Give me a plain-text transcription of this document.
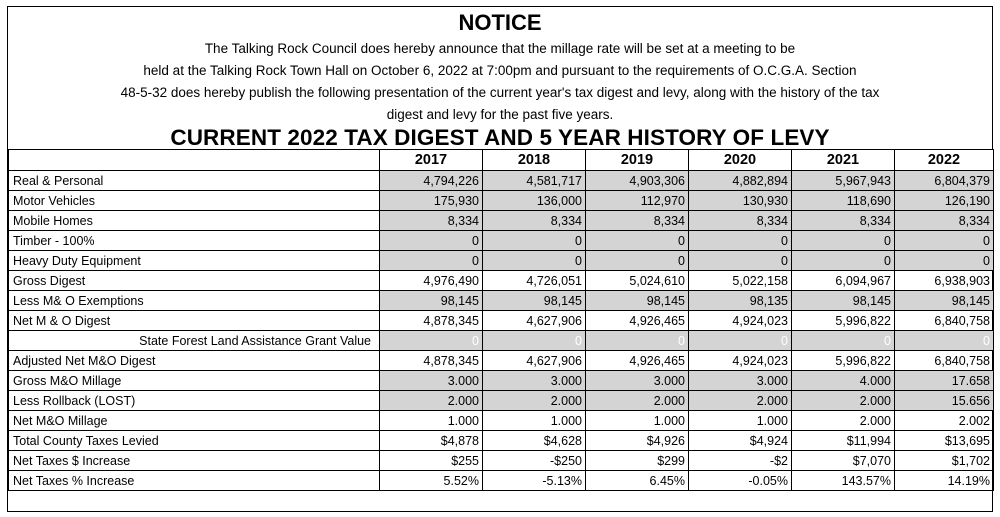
NOTICE
The Talking Rock Council does hereby announce that the millage rate will be set at a meeting to be
held at the Talking Rock Town Hall on October 6, 2022 at 7:00pm and pursuant to the requirements of O.C.G.A. Section
48-5-32 does hereby publish the following presentation of the current year's tax digest and levy, along with the history of the tax
digest and levy for the past five years.
CURRENT 2022 TAX DIGEST AND 5 YEAR HISTORY OF LEVY
	2017	2018	2019	2020	2021	2022
Real & Personal	4,794,226	4,581,717	4,903,306	4,882,894	5,967,943	6,804,379
Motor Vehicles	175,930	136,000	112,970	130,930	118,690	126,190
Mobile Homes	8,334	8,334	8,334	8,334	8,334	8,334
Timber - 100%	0	0	0	0	0	0
Heavy Duty Equipment	0	0	0	0	0	0
Gross Digest	4,976,490	4,726,051	5,024,610	5,022,158	6,094,967	6,938,903
Less M& O Exemptions	98,145	98,145	98,145	98,135	98,145	98,145
Net M & O Digest	4,878,345	4,627,906	4,926,465	4,924,023	5,996,822	6,840,758
State Forest Land Assistance Grant Value	0	0	0	0	0	0
Adjusted Net M&O Digest	4,878,345	4,627,906	4,926,465	4,924,023	5,996,822	6,840,758
Gross M&O Millage	3.000	3.000	3.000	3.000	4.000	17.658
Less Rollback (LOST)	2.000	2.000	2.000	2.000	2.000	15.656
Net M&O Millage	1.000	1.000	1.000	1.000	2.000	2.002
Total County Taxes Levied	$4,878	$4,628	$4,926	$4,924	$11,994	$13,695
Net Taxes $ Increase	$255	-$250	$299	-$2	$7,070	$1,702
Net Taxes % Increase	5.52%	-5.13%	6.45%	-0.05%	143.57%	14.19%
